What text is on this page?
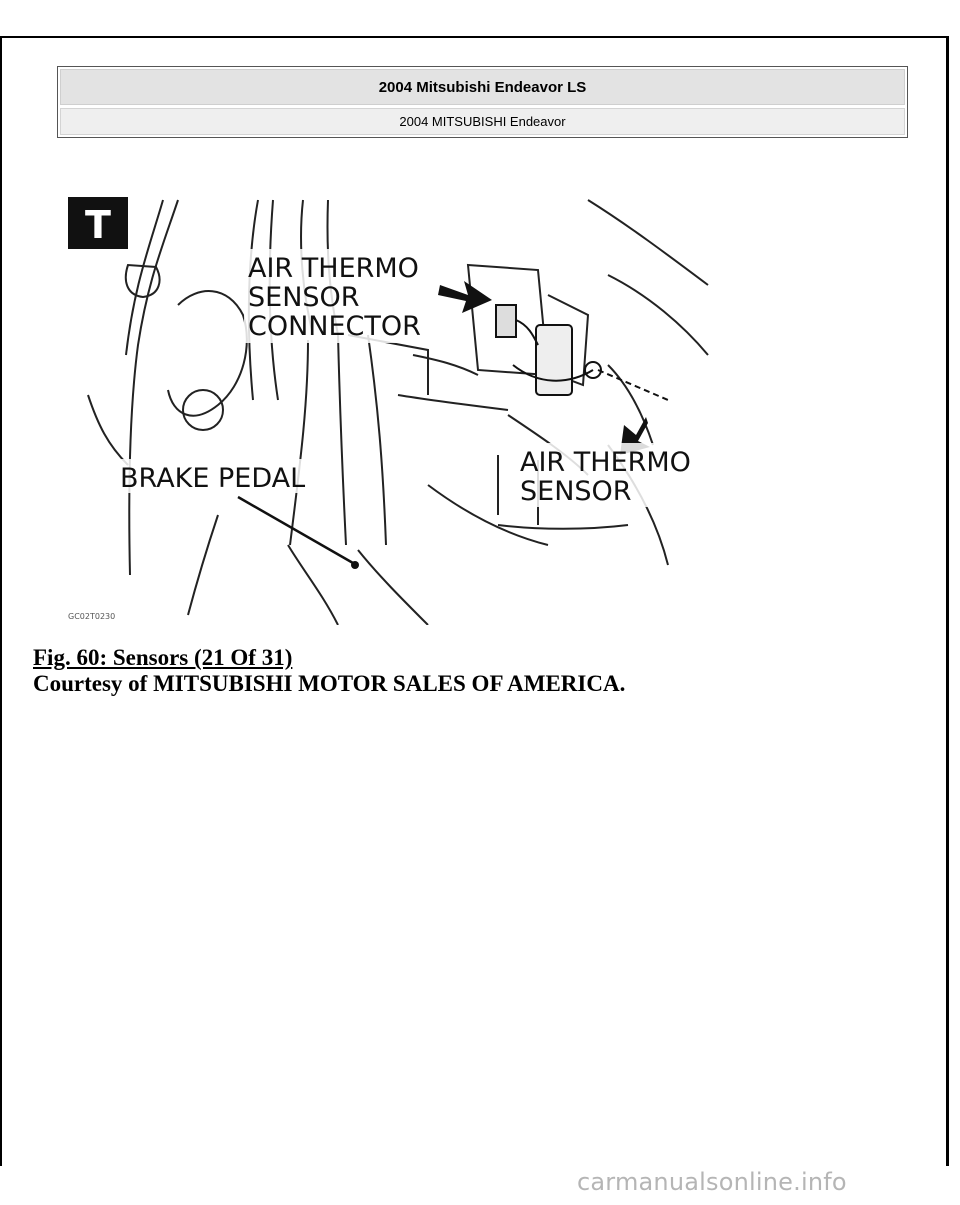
2004 Mitsubishi Endeavor LS
2004 MITSUBISHI Endeavor
T
AIR THERMO
SENSOR
CONNECTOR
AIR THERMO
SENSOR
BRAKE PEDAL
GC02T0230
Fig. 60: Sensors (21 Of 31)
Courtesy of MITSUBISHI MOTOR SALES OF AMERICA.
carmanualsonline.info
